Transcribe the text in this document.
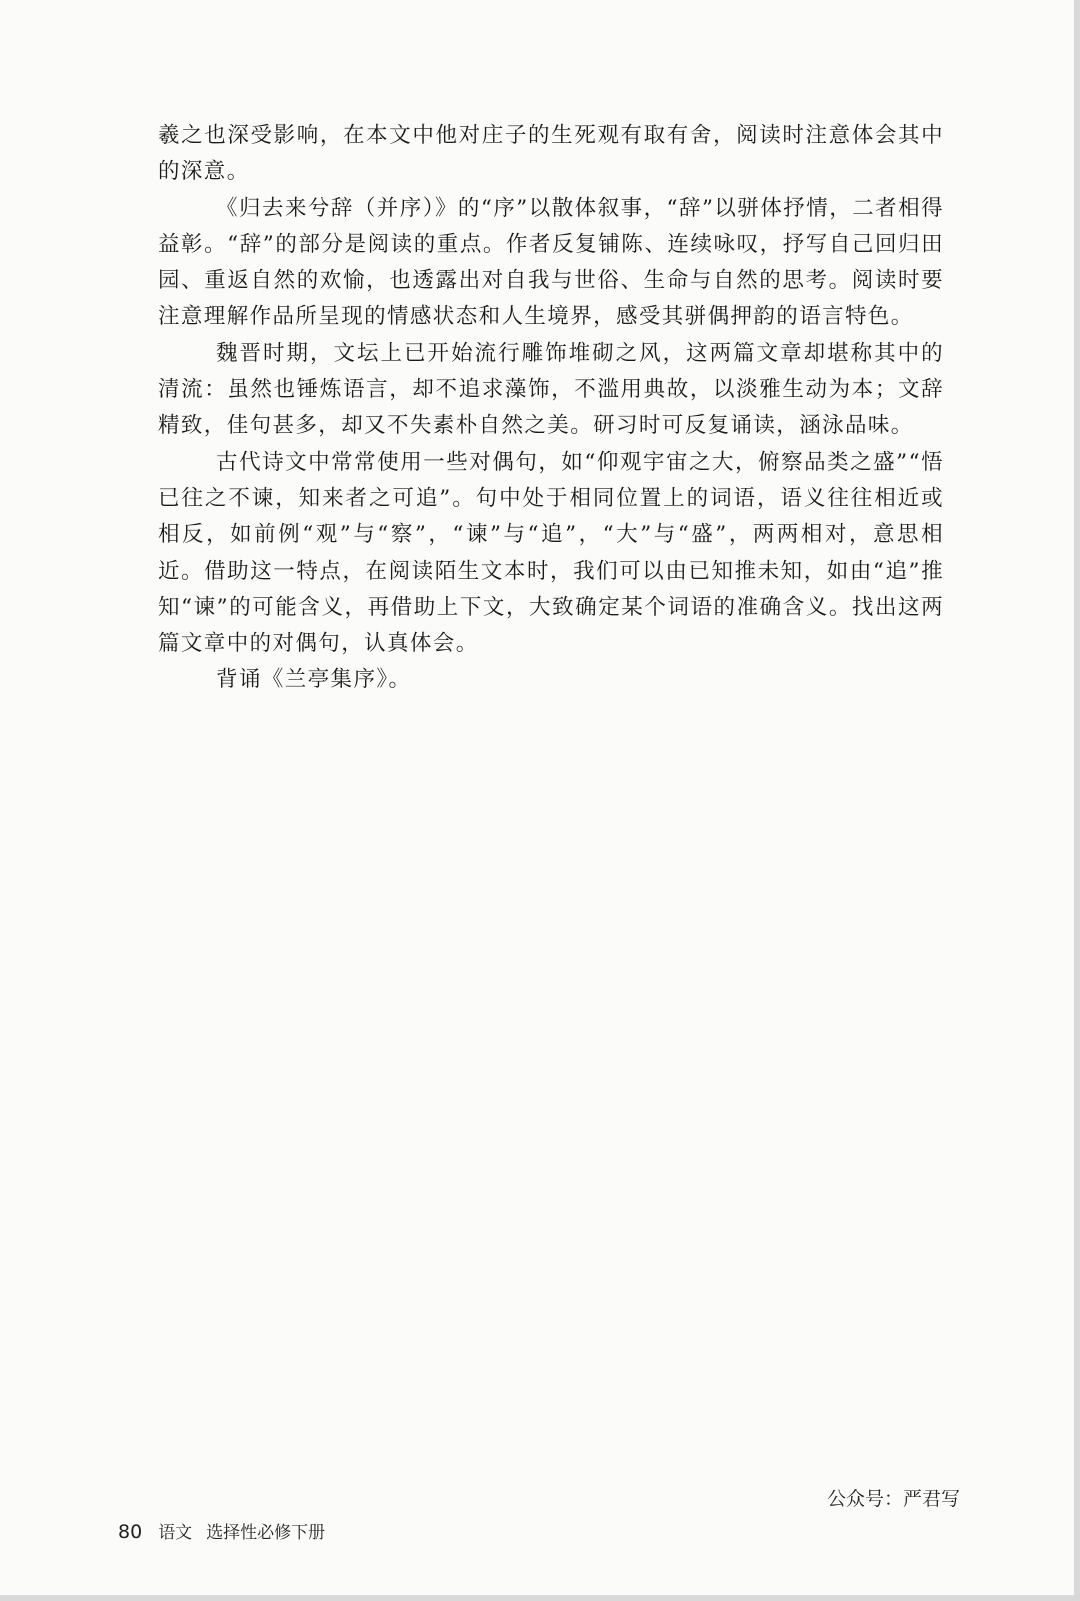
羲之也深受影响，在本文中他对庄子的生死观有取有舍，阅读时注意体会其中的深意。

《归去来兮辞（并序）》的“序”以散体叙事，“辞”以骈体抒情，二者相得益彰。“辞”的部分是阅读的重点。作者反复铺陈、连续咏叹，抒写自己回归田园、重返自然的欢愉，也透露出对自我与世俗、生命与自然的思考。阅读时要注意理解作品所呈现的情感状态和人生境界，感受其骈偶押韵的语言特色。

魏晋时期，文坛上已开始流行雕饰堆砌之风，这两篇文章却堪称其中的清流：虽然也锤炼语言，却不追求藻饰，不滥用典故，以淡雅生动为本；文辞精致，佳句甚多，却又不失素朴自然之美。研习时可反复诵读，涵泳品味。

古代诗文中常常使用一些对偶句，如“仰观宇宙之大，俯察品类之盛”“悟已往之不谏，知来者之可追”。句中处于相同位置上的词语，语义往往相近或相反，如前例“观”与“察”，“谏”与“追”，“大”与“盛”，两两相对，意思相近。借助这一特点，在阅读陌生文本时，我们可以由已知推未知，如由“追”推知“谏”的可能含义，再借助上下文，大致确定某个词语的准确含义。找出这两篇文章中的对偶句，认真体会。

背诵《兰亭集序》。

公众号：严君写
80 语文 选择性必修下册
